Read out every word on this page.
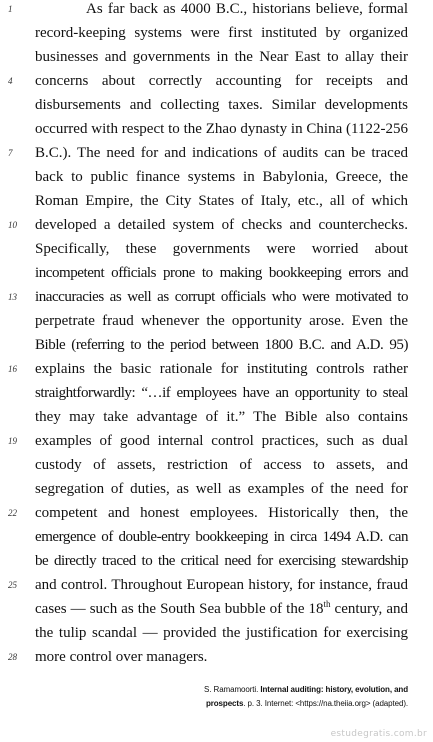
As far back as 4000 B.C., historians believe, formal
record-keeping systems were first instituted by organized
businesses and governments in the Near East to allay their
concerns about correctly accounting for receipts and
disbursements and collecting taxes. Similar developments
occurred with respect to the Zhao dynasty in China (1122-256
B.C.). The need for and indications of audits can be traced
back to public finance systems in Babylonia, Greece, the
Roman Empire, the City States of Italy, etc., all of which
developed a detailed system of checks and counterchecks.
Specifically, these governments were worried about
incompetent officials prone to making bookkeeping errors and
inaccuracies as well as corrupt officials who were motivated to
perpetrate fraud whenever the opportunity arose. Even the
Bible (referring to the period between 1800 B.C. and A.D. 95)
explains the basic rationale for instituting controls rather
straightforwardly: “…if employees have an opportunity to steal
they may take advantage of it.” The Bible also contains
examples of good internal control practices, such as dual
custody of assets, restriction of access to assets, and
segregation of duties, as well as examples of the need for
competent and honest employees. Historically then, the
emergence of double-entry bookkeeping in circa 1494 A.D. can
be directly traced to the critical need for exercising stewardship
and control. Throughout European history, for instance, fraud
cases — such as the South Sea bubble of the 18th century, and
the tulip scandal — provided the justification for exercising
more control over managers.
1
4
7
10
13
16
19
22
25
28
S. Ramamoorti. Internal auditing: history, evolution, and
prospects. p. 3. Internet: <https://na.theiia.org> (adapted).
estudegratis.com.br
